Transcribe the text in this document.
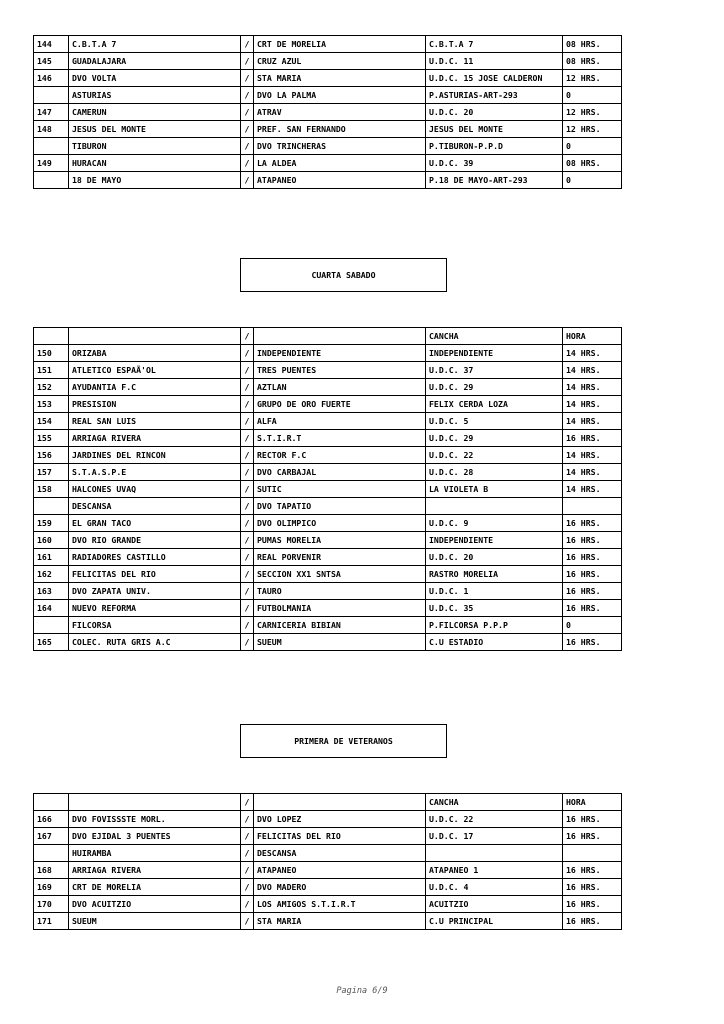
144	C.B.T.A 7	/	CRT DE MORELIA	C.B.T.A 7	08 HRS.
145	GUADALAJARA	/	CRUZ AZUL	U.D.C. 11	08 HRS.
146	DVO VOLTA	/	STA MARIA	U.D.C. 15 JOSE CALDERON	12 HRS.
	ASTURIAS	/	DVO LA PALMA	P.ASTURIAS-ART-293	0
147	CAMERUN	/	ATRAV	U.D.C. 20	12 HRS.
148	JESUS DEL MONTE	/	PREF. SAN FERNANDO	JESUS DEL MONTE	12 HRS.
	TIBURON	/	DVO TRINCHERAS	P.TIBURON-P.P.D	0
149	HURACAN	/	LA ALDEA	U.D.C. 39	08 HRS.
	18 DE MAYO	/	ATAPANEO	P.18 DE MAYO-ART-293	0
CUARTA SABADO
		/		CANCHA	HORA
150	ORIZABA	/	INDEPENDIENTE	INDEPENDIENTE	14 HRS.
151	ATLETICO ESPAÃ'OL	/	TRES PUENTES	U.D.C. 37	14 HRS.
152	AYUDANTIA F.C	/	AZTLAN	U.D.C. 29	14 HRS.
153	PRESISION	/	GRUPO DE ORO FUERTE	FELIX CERDA LOZA	14 HRS.
154	REAL SAN LUIS	/	ALFA	U.D.C. 5	14 HRS.
155	ARRIAGA RIVERA	/	S.T.I.R.T	U.D.C. 29	16 HRS.
156	JARDINES DEL RINCON	/	RECTOR F.C	U.D.C. 22	14 HRS.
157	S.T.A.S.P.E	/	DVO CARBAJAL	U.D.C. 28	14 HRS.
158	HALCONES UVAQ	/	SUTIC	LA VIOLETA B	14 HRS.
	DESCANSA	/	DVO TAPATIO		
159	EL GRAN TACO	/	DVO OLIMPICO	U.D.C. 9	16 HRS.
160	DVO RIO GRANDE	/	PUMAS MORELIA	INDEPENDIENTE	16 HRS.
161	RADIADORES CASTILLO	/	REAL PORVENIR	U.D.C. 20	16 HRS.
162	FELICITAS DEL RIO	/	SECCION XX1 SNTSA	RASTRO MORELIA	16 HRS.
163	DVO ZAPATA UNIV.	/	TAURO	U.D.C. 1	16 HRS.
164	NUEVO REFORMA	/	FUTBOLMANIA	U.D.C. 35	16 HRS.
	FILCORSA	/	CARNICERIA BIBIAN	P.FILCORSA P.P.P	0
165	COLEC. RUTA GRIS A.C	/	SUEUM	C.U ESTADIO	16 HRS.
PRIMERA DE VETERANOS
		/		CANCHA	HORA
166	DVO FOVISSSTE MORL.	/	DVO LOPEZ	U.D.C. 22	16 HRS.
167	DVO EJIDAL 3 PUENTES	/	FELICITAS DEL RIO	U.D.C. 17	16 HRS.
	HUIRAMBA	/	DESCANSA		
168	ARRIAGA RIVERA	/	ATAPANEO	ATAPANEO 1	16 HRS.
169	CRT DE MORELIA	/	DVO MADERO	U.D.C. 4	16 HRS.
170	DVO ACUITZIO	/	LOS AMIGOS S.T.I.R.T	ACUITZIO	16 HRS.
171	SUEUM	/	STA MARIA	C.U PRINCIPAL	16 HRS.
Pagina 6/9
